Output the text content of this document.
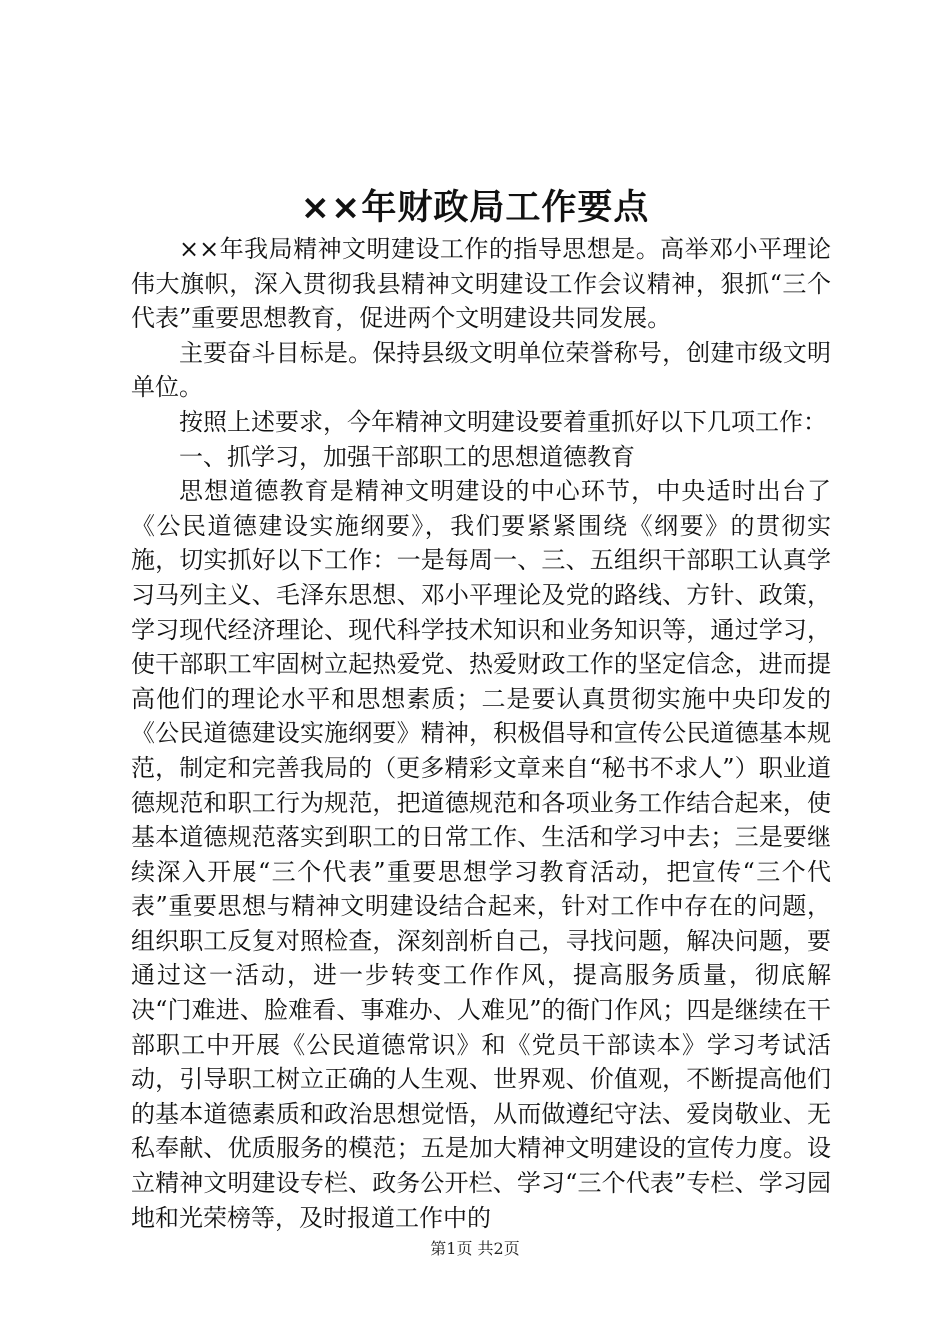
××年财政局工作要点

××年我局精神文明建设工作的指导思想是。高举邓小平理论伟大旗帜，深入贯彻我县精神文明建设工作会议精神，狠抓“三个代表”重要思想教育，促进两个文明建设共同发展。

主要奋斗目标是。保持县级文明单位荣誉称号，创建市级文明单位。

按照上述要求，今年精神文明建设要着重抓好以下几项工作：

一、抓学习，加强干部职工的思想道德教育

思想道德教育是精神文明建设的中心环节，中央适时出台了《公民道德建设实施纲要》，我们要紧紧围绕《纲要》的贯彻实施，切实抓好以下工作：一是每周一、三、五组织干部职工认真学习马列主义、毛泽东思想、邓小平理论及党的路线、方针、政策，学习现代经济理论、现代科学技术知识和业务知识等，通过学习，使干部职工牢固树立起热爱党、热爱财政工作的坚定信念，进而提高他们的理论水平和思想素质；二是要认真贯彻实施中央印发的《公民道德建设实施纲要》精神，积极倡导和宣传公民道德基本规范，制定和完善我局的（更多精彩文章来自“秘书不求人”）职业道德规范和职工行为规范，把道德规范和各项业务工作结合起来，使基本道德规范落实到职工的日常工作、生活和学习中去；三是要继续深入开展“三个代表”重要思想学习教育活动，把宣传“三个代表”重要思想与精神文明建设结合起来，针对工作中存在的问题，组织职工反复对照检查，深刻剖析自己，寻找问题，解决问题，要通过这一活动，进一步转变工作作风，提高服务质量，彻底解决“门难进、脸难看、事难办、人难见”的衙门作风；四是继续在干部职工中开展《公民道德常识》和《党员干部读本》学习考试活动，引导职工树立正确的人生观、世界观、价值观，不断提高他们的基本道德素质和政治思想觉悟，从而做遵纪守法、爱岗敬业、无私奉献、优质服务的模范；五是加大精神文明建设的宣传力度。设立精神文明建设专栏、政务公开栏、学习“三个代表”专栏、学习园地和光荣榜等，及时报道工作中的

第1页 共2页
